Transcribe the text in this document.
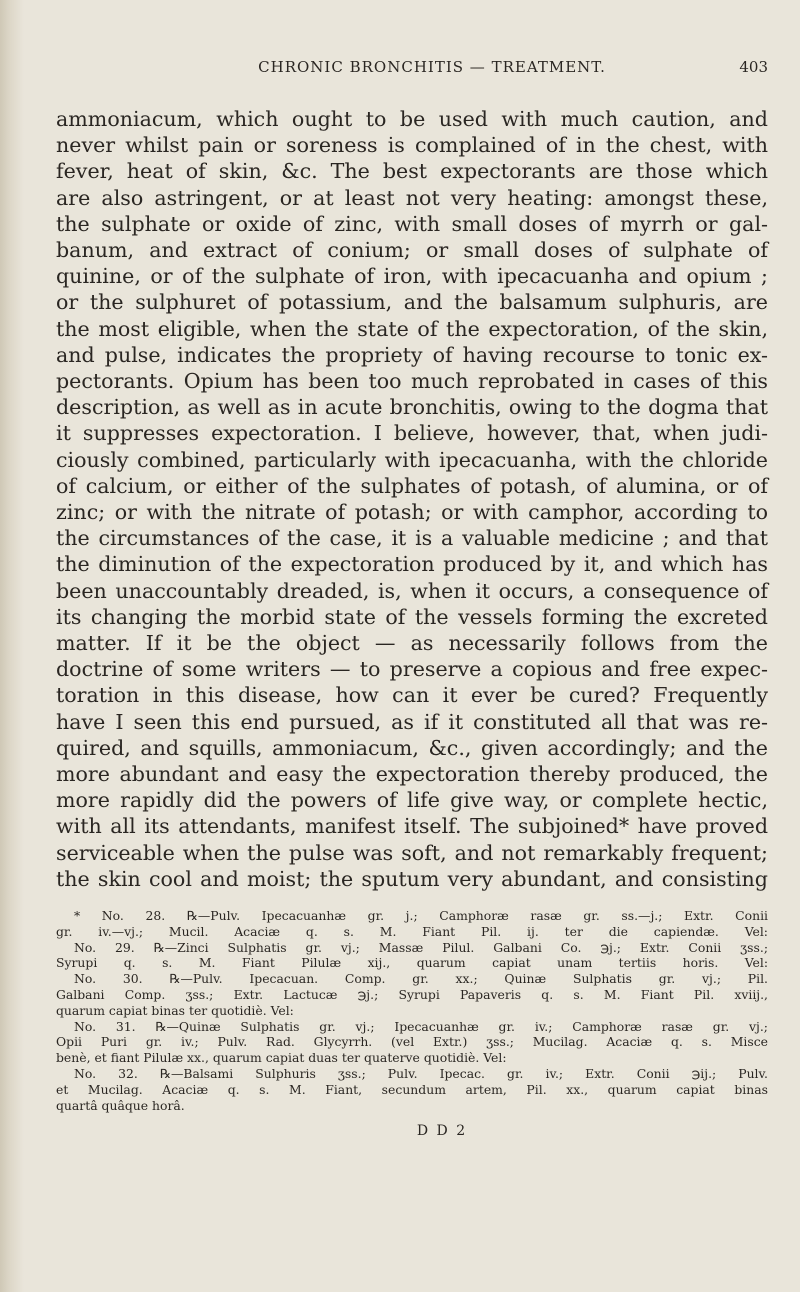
CHRONIC BRONCHITIS — TREATMENT.	403
ammoniacum, which ought to be used with much caution, and
never whilst pain or soreness is complained of in the chest, with
fever, heat of skin, &c. The best expectorants are those which
are also astringent, or at least not very heating: amongst these,
the sulphate or oxide of zinc, with small doses of myrrh or gal-
banum, and extract of conium; or small doses of sulphate of
quinine, or of the sulphate of iron, with ipecacuanha and opium ;
or the sulphuret of potassium, and the balsamum sulphuris, are
the most eligible, when the state of the expectoration, of the skin,
and pulse, indicates the propriety of having recourse to tonic ex-
pectorants. Opium has been too much reprobated in cases of this
description, as well as in acute bronchitis, owing to the dogma that
it suppresses expectoration. I believe, however, that, when judi-
ciously combined, particularly with ipecacuanha, with the chloride
of calcium, or either of the sulphates of potash, of alumina, or of
zinc; or with the nitrate of potash; or with camphor, according to
the circumstances of the case, it is a valuable medicine ; and that
the diminution of the expectoration produced by it, and which has
been unaccountably dreaded, is, when it occurs, a consequence of
its changing the morbid state of the vessels forming the excreted
matter. If it be the object — as necessarily follows from the
doctrine of some writers — to preserve a copious and free expec-
toration in this disease, how can it ever be cured? Frequently
have I seen this end pursued, as if it constituted all that was re-
quired, and squills, ammoniacum, &c., given accordingly; and the
more abundant and easy the expectoration thereby produced, the
more rapidly did the powers of life give way, or complete hectic,
with all its attendants, manifest itself. The subjoined* have proved
serviceable when the pulse was soft, and not remarkably frequent;
the skin cool and moist; the sputum very abundant, and consisting
* No. 28. ℞—Pulv. Ipecacuanhæ gr. j.; Camphoræ rasæ gr. ss.—j.; Extr. Conii
gr. iv.—vj.; Mucil. Acaciæ q. s. M. Fiant Pil. ij. ter die capiendæ. Vel:
No. 29. ℞—Zinci Sulphatis gr. vj.; Massæ Pilul. Galbani Co. ℈j.; Extr. Conii ʒss.;
Syrupi q. s. M. Fiant Pilulæ xij., quarum capiat unam tertiis horis. Vel:
No. 30. ℞—Pulv. Ipecacuan. Comp. gr. xx.; Quinæ Sulphatis gr. vj.; Pil.
Galbani Comp. ʒss.; Extr. Lactucæ ℈j.; Syrupi Papaveris q. s. M. Fiant Pil. xviij.,
quarum capiat binas ter quotidiè. Vel:
No. 31. ℞—Quinæ Sulphatis gr. vj.; Ipecacuanhæ gr. iv.; Camphoræ rasæ gr. vj.;
Opii Puri gr. iv.; Pulv. Rad. Glycyrrh. (vel Extr.) ʒss.; Mucilag. Acaciæ q. s. Misce
benè, et fiant Pilulæ xx., quarum capiat duas ter quaterve quotidiè. Vel:
No. 32. ℞—Balsami Sulphuris ʒss.; Pulv. Ipecac. gr. iv.; Extr. Conii ℈ij.; Pulv.
et Mucilag. Acaciæ q. s. M. Fiant, secundum artem, Pil. xx., quarum capiat binas
quartâ quâque horâ.
D D 2
